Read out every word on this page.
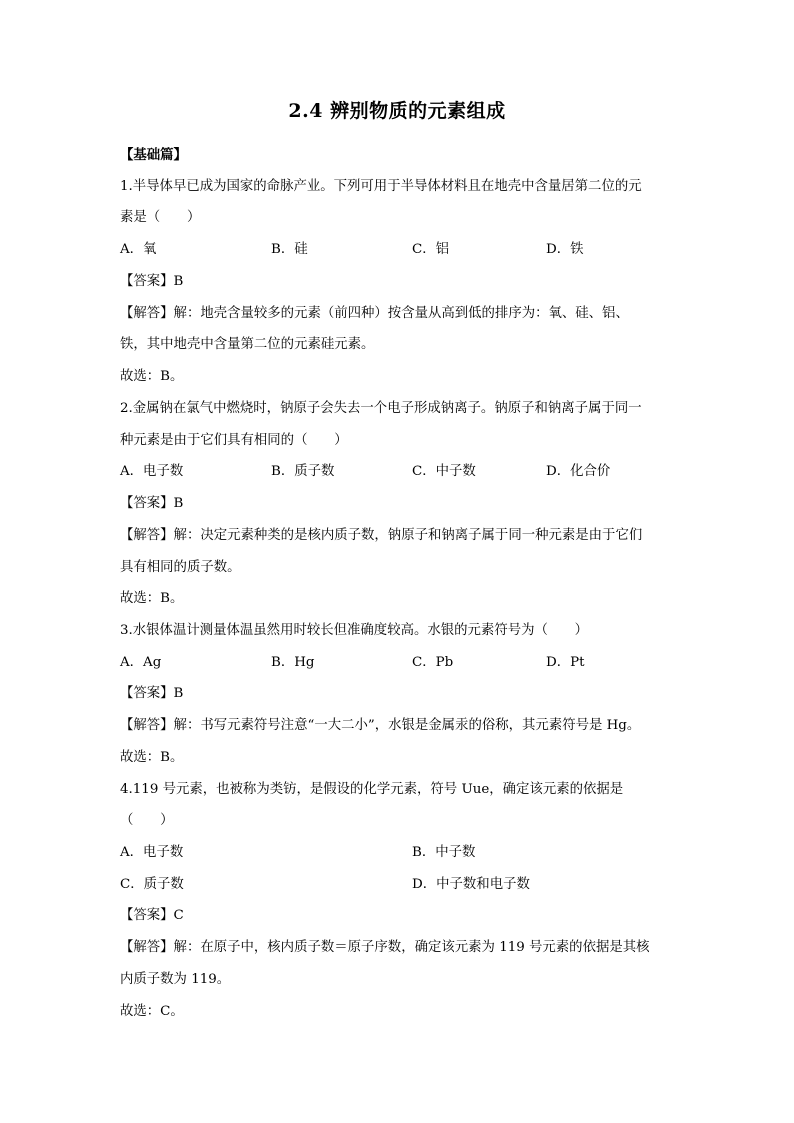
2.4 辨别物质的元素组成
【基础篇】
1.半导体早已成为国家的命脉产业。下列可用于半导体材料且在地壳中含量居第二位的元
素是（　　）
A．氧	B．硅	C．铝	D．铁
【答案】B
【解答】解：地壳含量较多的元素（前四种）按含量从高到低的排序为：氧、硅、铝、
铁，其中地壳中含量第二位的元素硅元素。
故选：B。
2.金属钠在氯气中燃烧时，钠原子会失去一个电子形成钠离子。钠原子和钠离子属于同一
种元素是由于它们具有相同的（　　）
A．电子数	B．质子数	C．中子数	D．化合价
【答案】B
【解答】解：决定元素种类的是核内质子数，钠原子和钠离子属于同一种元素是由于它们
具有相同的质子数。
故选：B。
3.水银体温计测量体温虽然用时较长但准确度较高。水银的元素符号为（　　）
A．Ag	B．Hg	C．Pb	D．Pt
【答案】B
【解答】解：书写元素符号注意“一大二小”，水银是金属汞的俗称，其元素符号是 Hg。
故选：B。
4.119 号元素，也被称为类钫，是假设的化学元素，符号 Uue，确定该元素的依据是
（　　）
A．电子数	B．中子数
C．质子数	D．中子数和电子数
【答案】C
【解答】解：在原子中，核内质子数＝原子序数，确定该元素为 119 号元素的依据是其核
内质子数为 119。
故选：C。
